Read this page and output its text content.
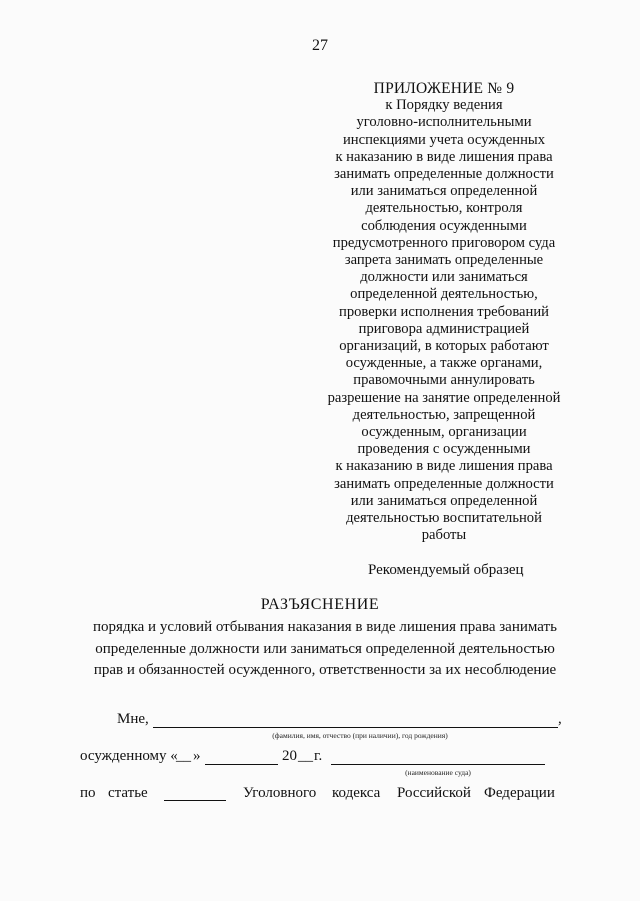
27
ПРИЛОЖЕНИЕ № 9
к Порядку ведения
уголовно-исполнительными
инспекциями учета осужденных
к наказанию в виде лишения права
занимать определенные должности
или заниматься определенной
деятельностью, контроля
соблюдения осужденными
предусмотренного приговором суда
запрета занимать определенные
должности или заниматься
определенной деятельностью,
проверки исполнения требований
приговора администрацией
организаций, в которых работают
осужденные, а также органами,
правомочными аннулировать
разрешение на занятие определенной
деятельностью, запрещенной
осужденным, организации
проведения с осужденными
к наказанию в виде лишения права
занимать определенные должности
или заниматься определенной
деятельностью воспитательной
работы
Рекомендуемый образец
РАЗЪЯСНЕНИЕ
порядка и условий отбывания наказания в виде лишения права занимать
определенные должности или заниматься определенной деятельностью
прав и обязанностей осужденного, ответственности за их несоблюдение
Мне,	,
(фамилия, имя, отчество (при наличии), год рождения)
осужденному «
__ »	20 __ г.
(наименование суда)
по статье	Уголовного кодекса Российской Федерации
